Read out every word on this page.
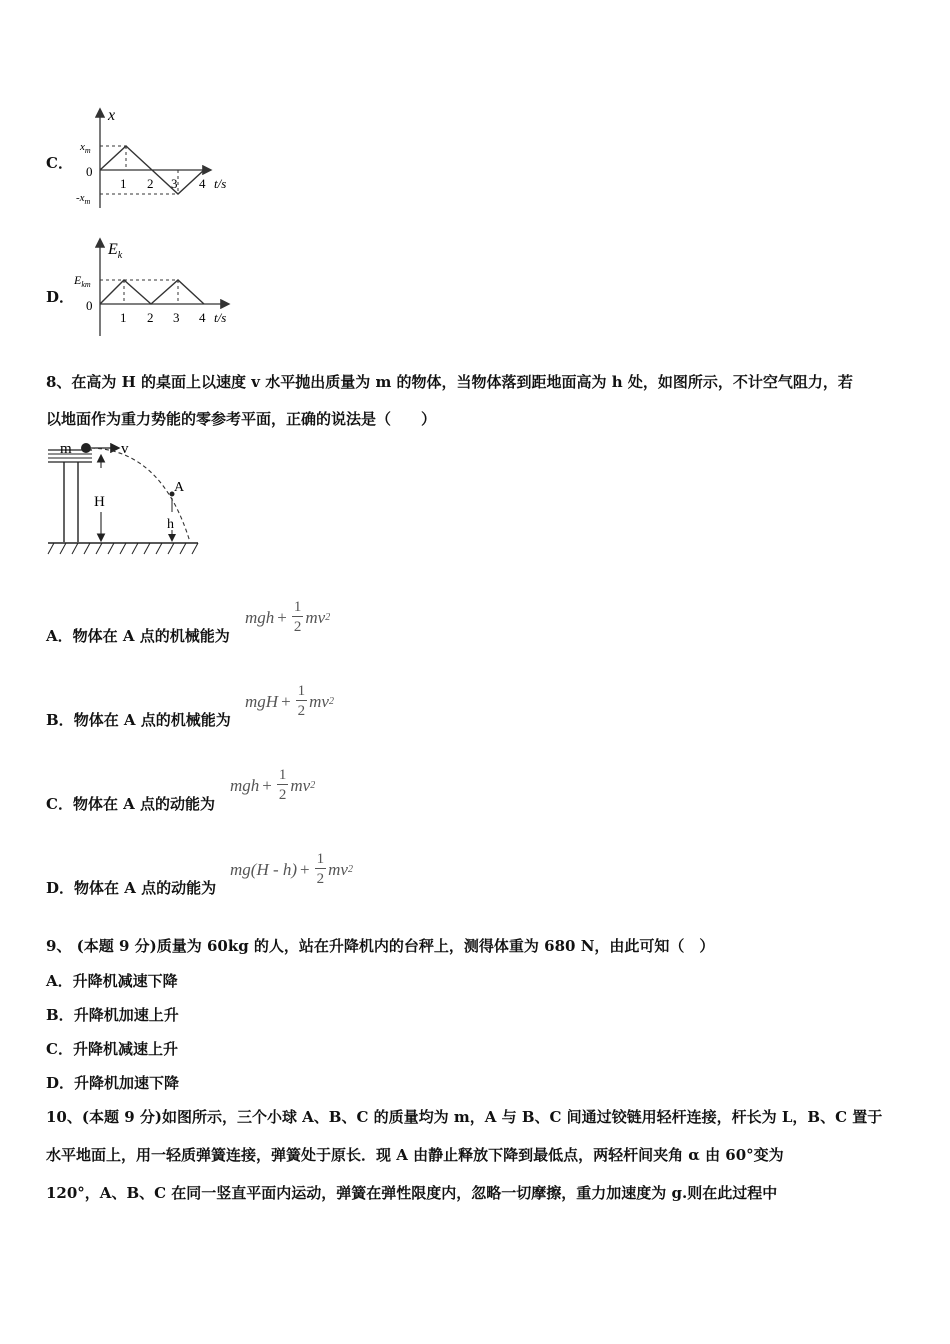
C．
x
$x_m$
0
$-x_m$
1 2 3 4 t/s
D．
$E_k$
$E_{km}$
0
1 2 3 4 t/s
8、在高为 H 的桌面上以速度 v 水平抛出质量为 m 的物体，当物体落到距地面高为 h 处，如图所示，不计空气阻力，若
以地面作为重力势能的零参考平面，正确的说法是（　　）
m	v
H
A
h
A．物体在 A 点的机械能为
mgh + $\frac{1}{2}$ mv 2
B．物体在 A 点的机械能为
mgH + $\frac{1}{2}$ mv 2
C．物体在 A 点的动能为
mgh + $\frac{1}{2}$ mv 2
D．物体在 A 点的动能为
$mg(H - h) + \frac{1}{2}$ mv 2
9、 (本题 9 分)质量为 60kg 的人，站在升降机内的台秤上，测得体重为 680 N，由此可知（　）
A．升降机减速下降
B．升降机加速上升
C．升降机减速上升
D．升降机加速下降
10、(本题 9 分)如图所示，三个小球 A、B、C 的质量均为 m，A 与 B、C 间通过铰链用轻杆连接，杆长为 L，B、C 置于
水平地面上，用一轻质弹簧连接，弹簧处于原长．现 A 由静止释放下降到最低点，两轻杆间夹角 α 由 60°变为
120°，A、B、C 在同一竖直平面内运动，弹簧在弹性限度内，忽略一切摩擦，重力加速度为 g.则在此过程中
